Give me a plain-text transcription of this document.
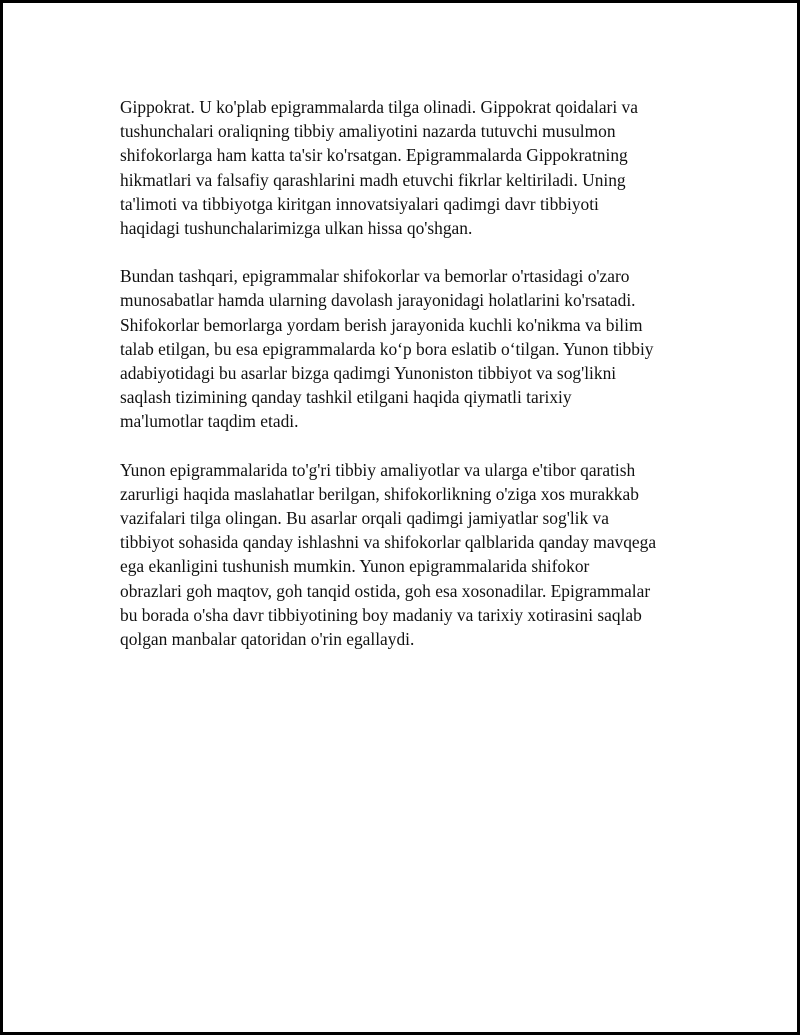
Gippokrat. U ko'plab epigrammalarda tilga olinadi. Gippokrat qoidalari va
tushunchalari oraliqning tibbiy amaliyotini nazarda tutuvchi musulmon
shifokorlarga ham katta ta'sir ko'rsatgan. Epigrammalarda Gippokratning
hikmatlari va falsafiy qarashlarini madh etuvchi fikrlar keltiriladi. Uning
ta'limoti va tibbiyotga kiritgan innovatsiyalari qadimgi davr tibbiyoti
haqidagi tushunchalarimizga ulkan hissa qo'shgan.
Bundan tashqari, epigrammalar shifokorlar va bemorlar o'rtasidagi o'zaro
munosabatlar hamda ularning davolash jarayonidagi holatlarini ko'rsatadi.
Shifokorlar bemorlarga yordam berish jarayonida kuchli ko'nikma va bilim
talab etilgan, bu esa epigrammalarda koʻp bora eslatib oʻtilgan. Yunon tibbiy
adabiyotidagi bu asarlar bizga qadimgi Yunoniston tibbiyot va sog'likni
saqlash tizimining qanday tashkil etilgani haqida qiymatli tarixiy
ma'lumotlar taqdim etadi.
Yunon epigrammalarida to'g'ri tibbiy amaliyotlar va ularga e'tibor qaratish
zarurligi haqida maslahatlar berilgan, shifokorlikning o'ziga xos murakkab
vazifalari tilga olingan. Bu asarlar orqali qadimgi jamiyatlar sog'lik va
tibbiyot sohasida qanday ishlashni va shifokorlar qalblarida qanday mavqega
ega ekanligini tushunish mumkin. Yunon epigrammalarida shifokor
obrazlari goh maqtov, goh tanqid ostida, goh esa xosonadilar. Epigrammalar
bu borada o'sha davr tibbiyotining boy madaniy va tarixiy xotirasini saqlab
qolgan manbalar qatoridan o'rin egallaydi.
